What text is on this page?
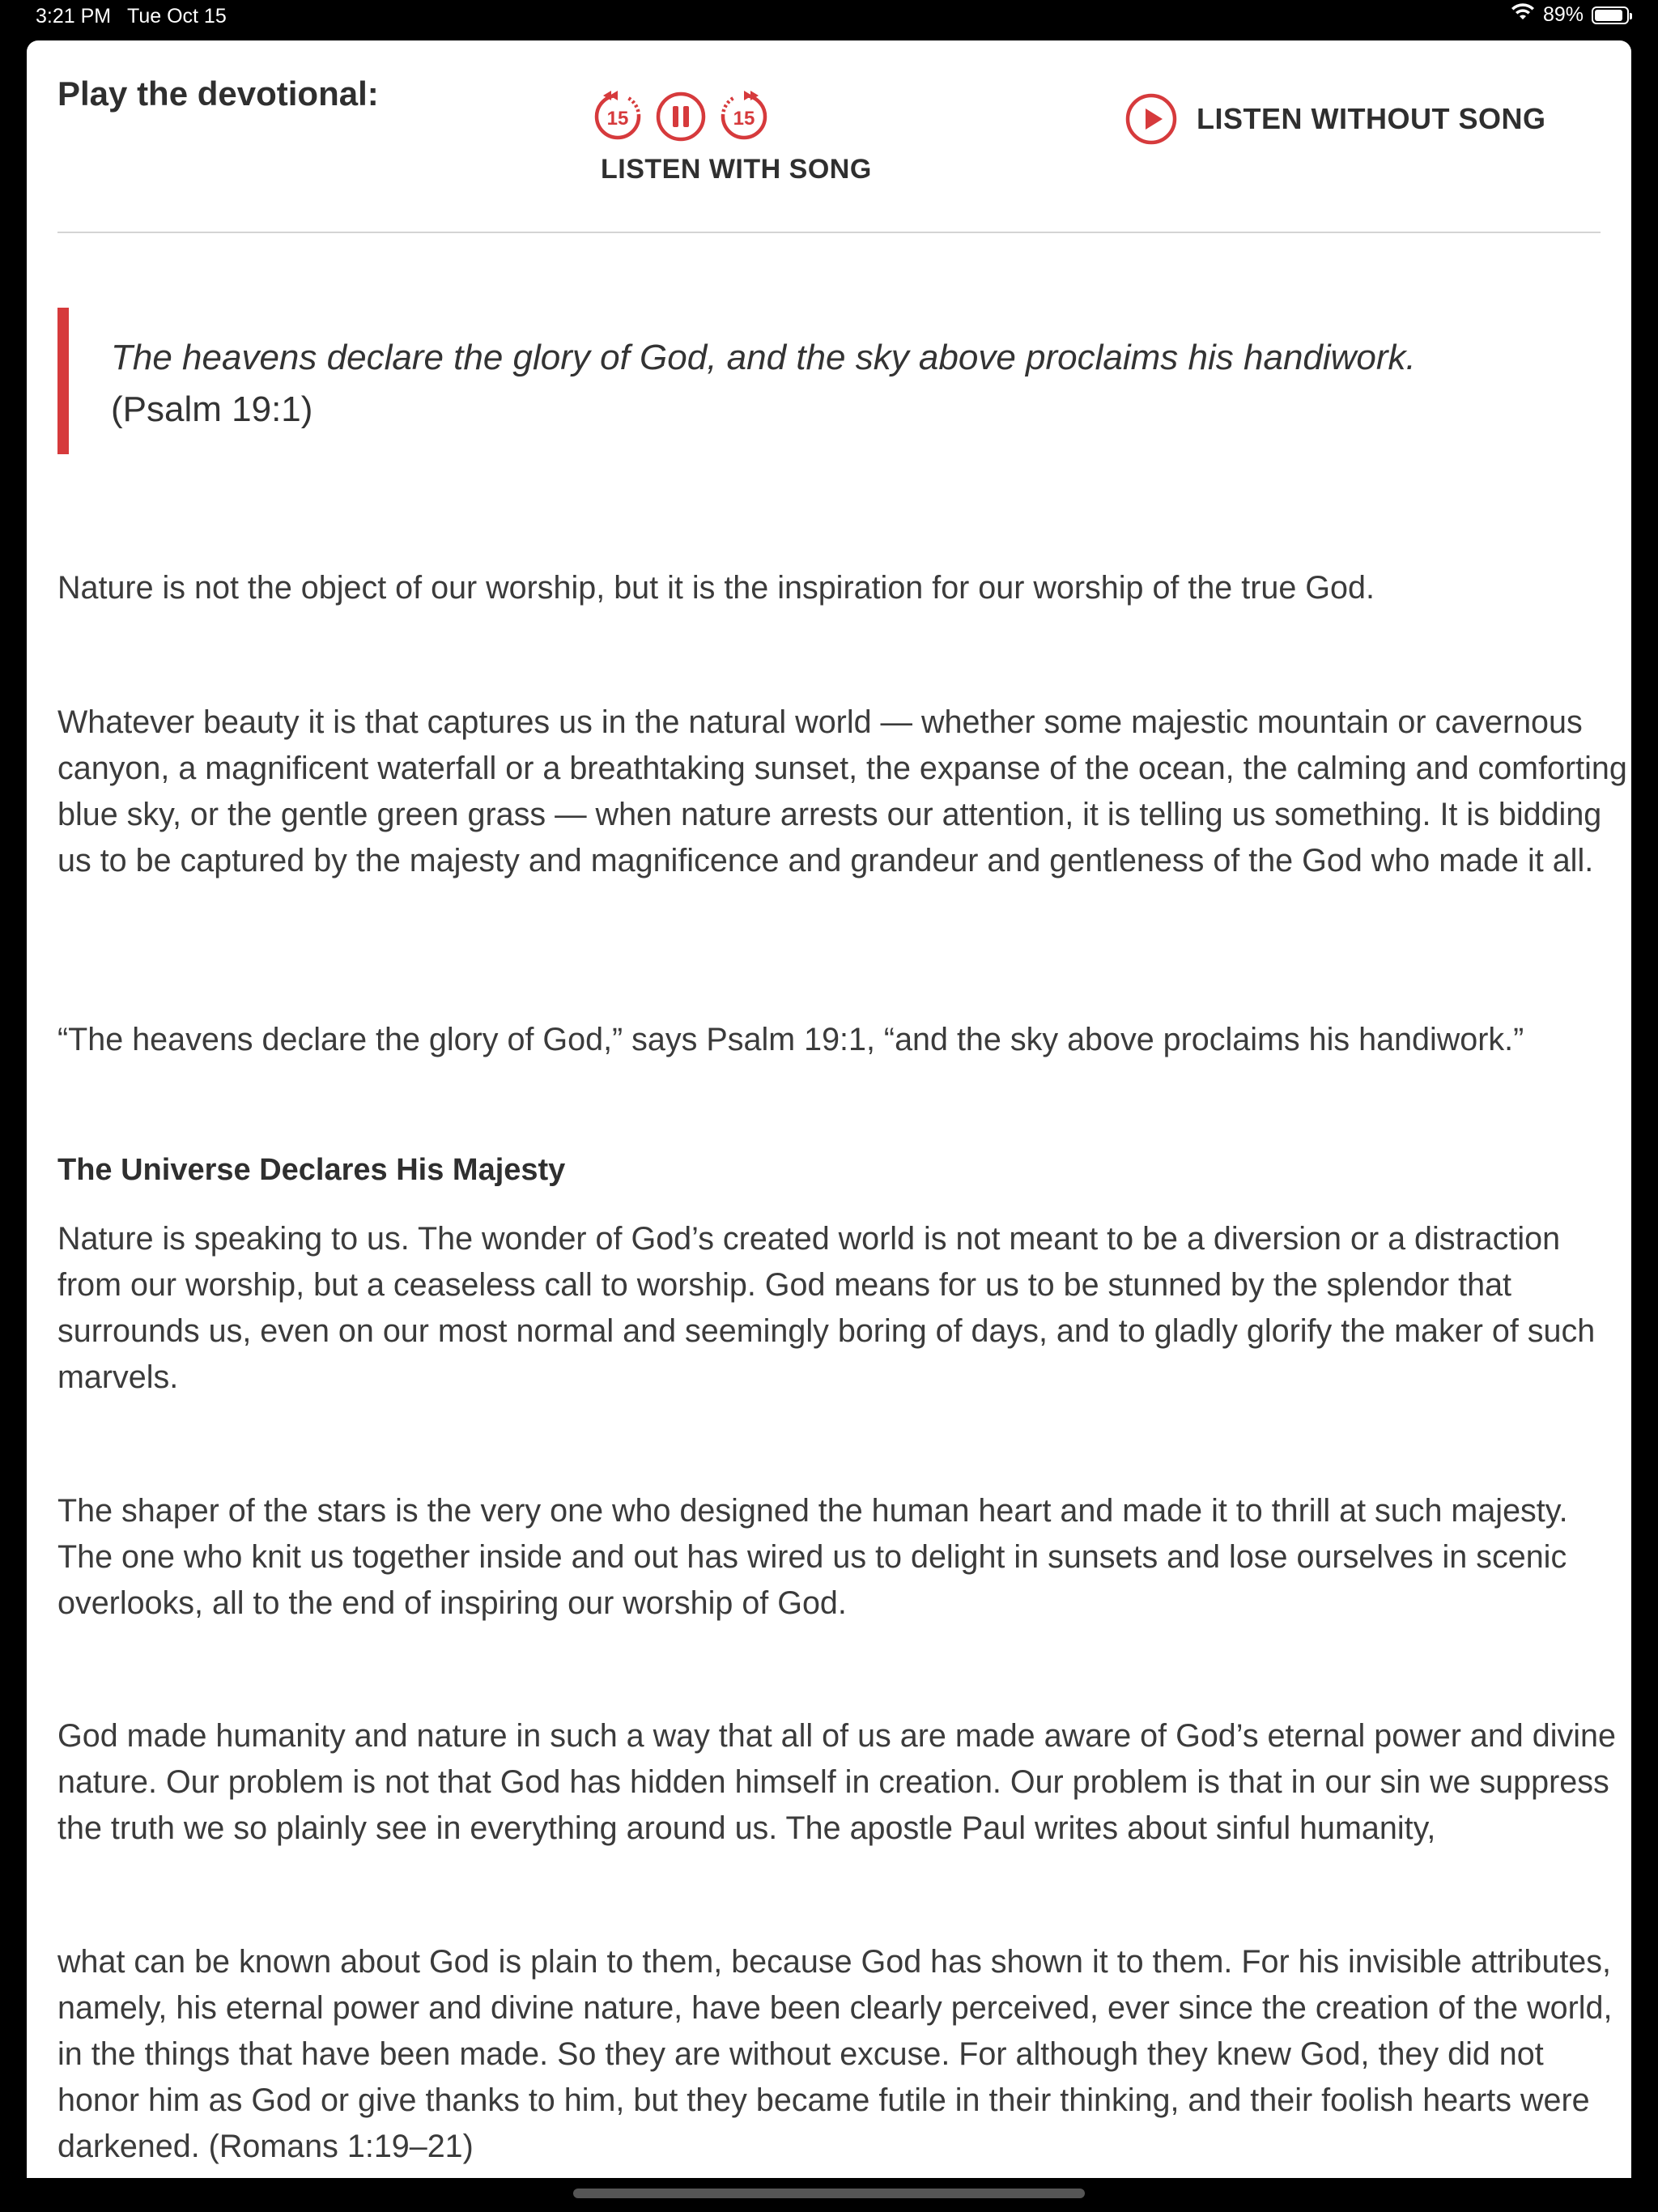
3:21 PM Tue Oct 15	89%
Play the devotional:
15	15
LISTEN WITH SONG
LISTEN WITHOUT SONG

The heavens declare the glory of God, and the sky above proclaims his handiwork.

(Psalm 19:1)

Nature is not the object of our worship, but it is the inspiration for our worship of the true God.

Whatever beauty it is that captures us in the natural world — whether some majestic mountain or cavernous canyon, a magnificent waterfall or a breathtaking sunset, the expanse of the ocean, the calming and comforting blue sky, or the gentle green grass — when nature arrests our attention, it is telling us something. It is bidding us to be captured by the majesty and magnificence and grandeur and gentleness of the God who made it all.

“The heavens declare the glory of God,” says Psalm 19:1, “and the sky above proclaims his handiwork.”

The Universe Declares His Majesty

Nature is speaking to us. The wonder of God’s created world is not meant to be a diversion or a distraction from our worship, but a ceaseless call to worship. God means for us to be stunned by the splendor that surrounds us, even on our most normal and seemingly boring of days, and to gladly glorify the maker of such marvels.

The shaper of the stars is the very one who designed the human heart and made it to thrill at such majesty. The one who knit us together inside and out has wired us to delight in sunsets and lose ourselves in scenic overlooks, all to the end of inspiring our worship of God.

God made humanity and nature in such a way that all of us are made aware of God’s eternal power and divine nature. Our problem is not that God has hidden himself in creation. Our problem is that in our sin we suppress the truth we so plainly see in everything around us. The apostle Paul writes about sinful humanity,

what can be known about God is plain to them, because God has shown it to them. For his invisible attributes, namely, his eternal power and divine nature, have been clearly perceived, ever since the creation of the world, in the things that have been made. So they are without excuse. For although they knew God, they did not honor him as God or give thanks to him, but they became futile in their thinking, and their foolish hearts were darkened. (Romans 1:19–21)
